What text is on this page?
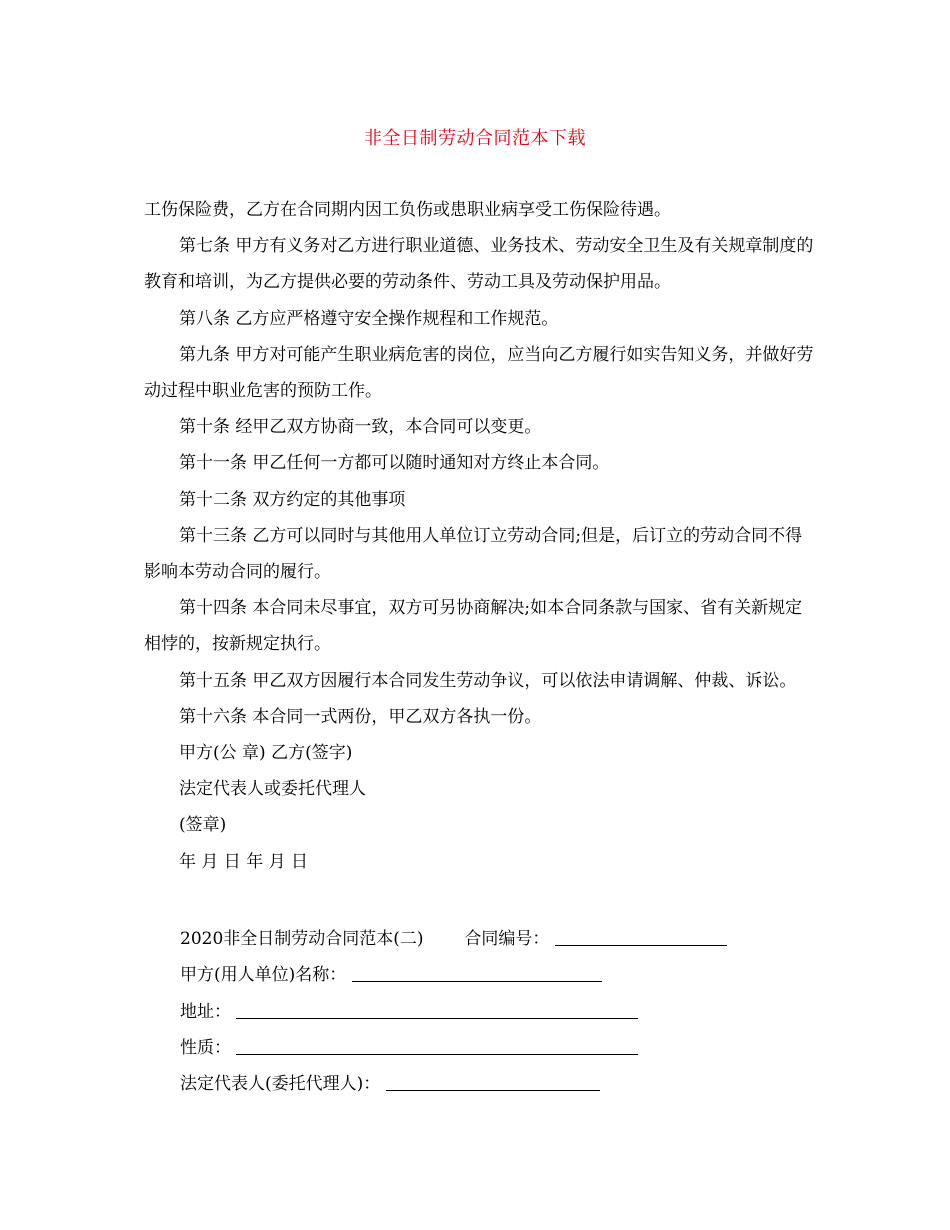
非全日制劳动合同范本下载

工伤保险费，乙方在合同期内因工负伤或患职业病享受工伤保险待遇。

第七条 甲方有义务对乙方进行职业道德、业务技术、劳动安全卫生及有关规章制度的教育和培训，为乙方提供必要的劳动条件、劳动工具及劳动保护用品。

第八条 乙方应严格遵守安全操作规程和工作规范。

第九条 甲方对可能产生职业病危害的岗位，应当向乙方履行如实告知义务，并做好劳动过程中职业危害的预防工作。

第十条 经甲乙双方协商一致，本合同可以变更。

第十一条 甲乙任何一方都可以随时通知对方终止本合同。

第十二条 双方约定的其他事项

第十三条 乙方可以同时与其他用人单位订立劳动合同;但是，后订立的劳动合同不得影响本劳动合同的履行。

第十四条 本合同未尽事宜，双方可另协商解决;如本合同条款与国家、省有关新规定相悖的，按新规定执行。

第十五条 甲乙双方因履行本合同发生劳动争议，可以依法申请调解、仲裁、诉讼。

第十六条 本合同一式两份，甲乙双方各执一份。

甲方(公 章) 乙方(签字)

法定代表人或委托代理人

(签章)

年 月 日 年 月 日

2020非全日制劳动合同范本(二) 合同编号：
甲方(用人单位)名称：
地址：
性质：
法定代表人(委托代理人)：
